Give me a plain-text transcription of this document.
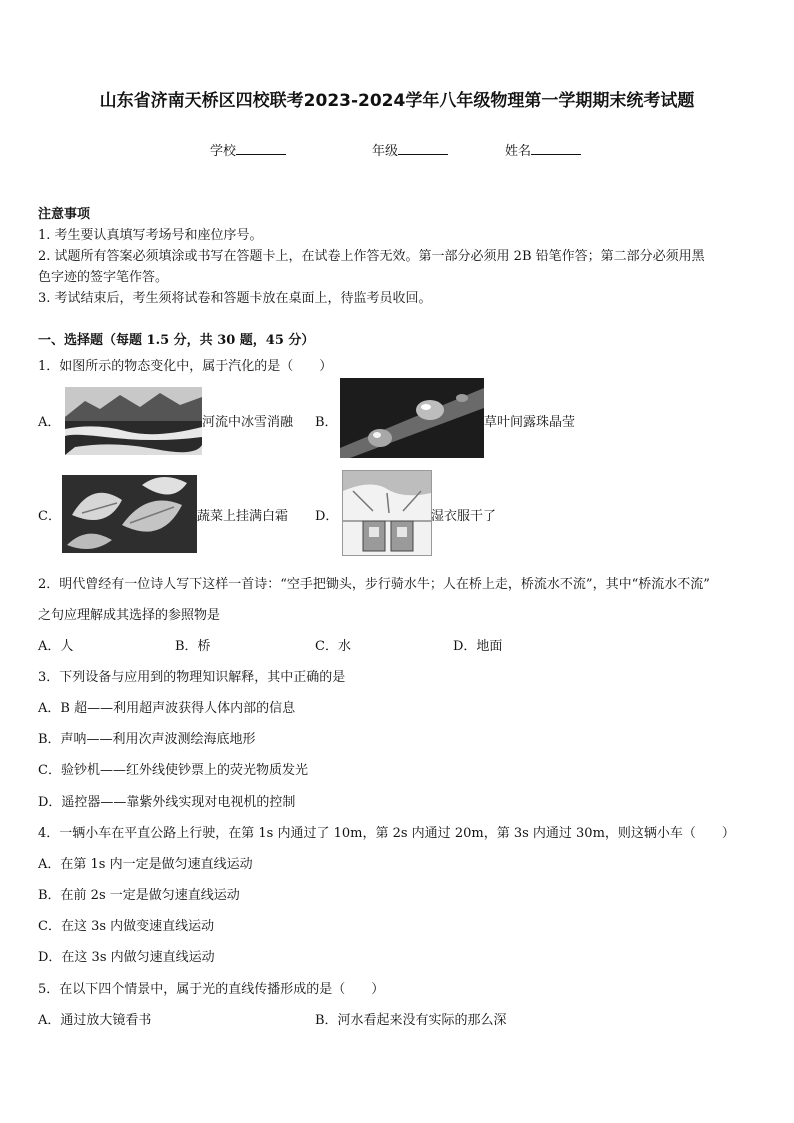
山东省济南天桥区四校联考2023-2024学年八年级物理第一学期期末统考试题
学校	年级	姓名
注意事项
1. 考生要认真填写考场号和座位序号。
2. 试题所有答案必须填涂或书写在答题卡上，在试卷上作答无效。第一部分必须用 2B 铅笔作答；第二部分必须用黑
色字迹的签字笔作答。
3. 考试结束后，考生须将试卷和答题卡放在桌面上，待监考员收回。
一、选择题（每题 1.5 分，共 30 题，45 分）
1．如图所示的物态变化中，属于汽化的是（　　）
A．	河流中冰雪消融 B．	草叶间露珠晶莹
C．	蔬菜上挂满白霜 D．	湿衣服干了
2．明代曾经有一位诗人写下这样一首诗：“空手把锄头，步行骑水牛；人在桥上走，桥流水不流”，其中“桥流水不流”
之句应理解成其选择的参照物是
A．人	B．桥	C．水	D．地面
3．下列设备与应用到的物理知识解释，其中正确的是
A．B 超——利用超声波获得人体内部的信息
B．声呐——利用次声波测绘海底地形
C．验钞机——红外线使钞票上的荧光物质发光
D．遥控器——靠紫外线实现对电视机的控制
4．一辆小车在平直公路上行驶，在第 1s 内通过了 10m，第 2s 内通过 20m，第 3s 内通过 30m，则这辆小车（　　）
A．在第 1s 内一定是做匀速直线运动
B．在前 2s 一定是做匀速直线运动
C．在这 3s 内做变速直线运动
D．在这 3s 内做匀速直线运动
5．在以下四个情景中，属于光的直线传播形成的是（　　）
A．通过放大镜看书	B．河水看起来没有实际的那么深
